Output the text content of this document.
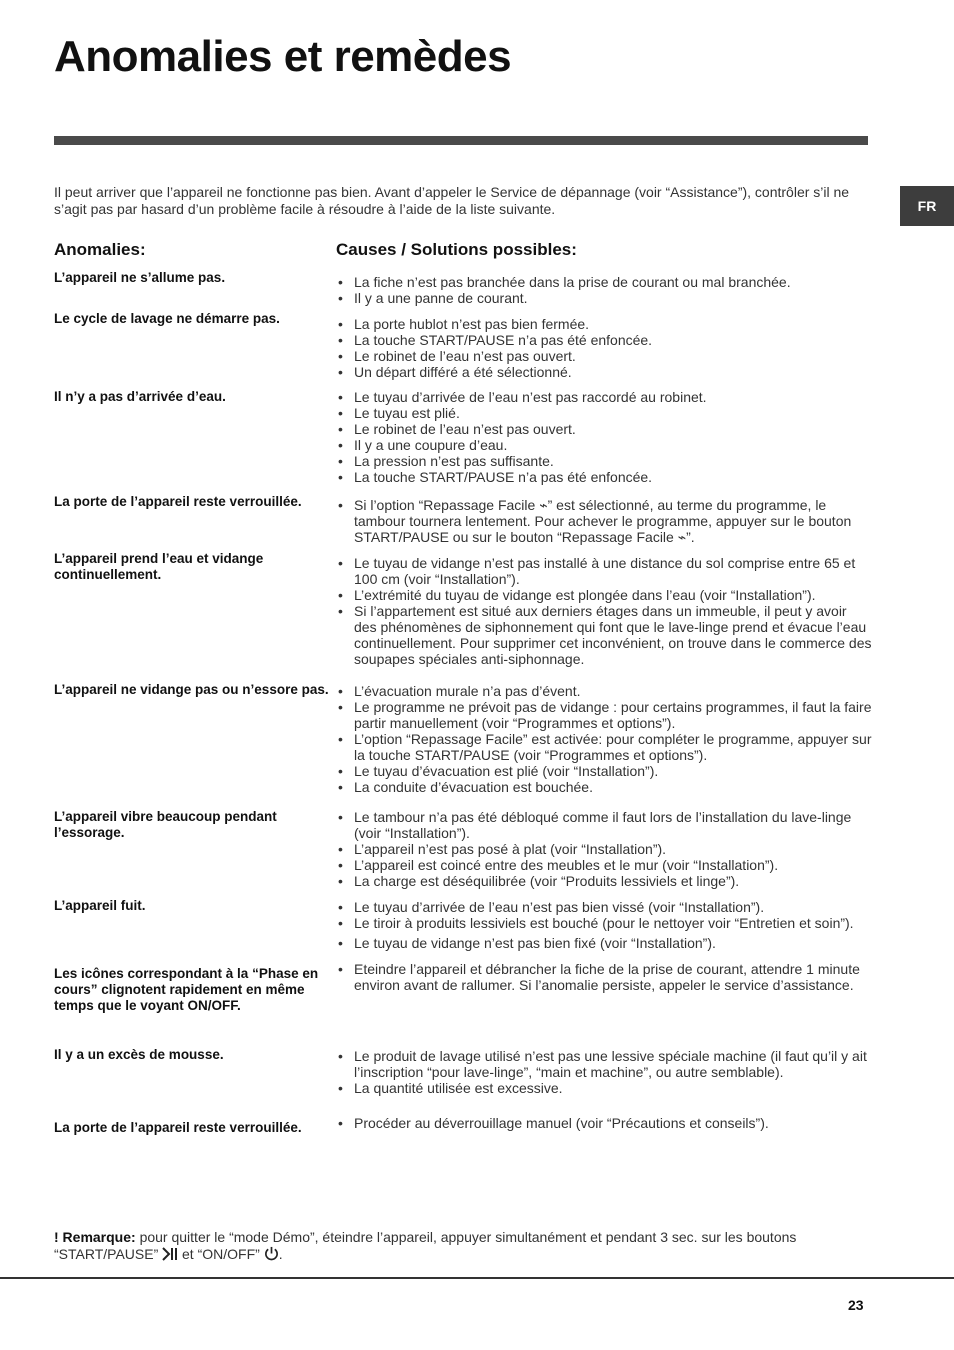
Anomalies et remèdes
FR

Il peut arriver que l’appareil ne fonctionne pas bien. Avant d’appeler le Service de dépannage (voir “Assistance”), contrôler s’il ne s’agit pas par hasard d’un problème facile à résoudre à l’aide de la liste suivante.

Anomalies:	Causes / Solutions possibles:
L’appareil ne s’allume pas.	• La fiche n’est pas branchée dans la prise de courant ou mal branchée.
• Il y a une panne de courant.
Le cycle de lavage ne démarre pas.	• La porte hublot n’est pas bien fermée.
• La touche START/PAUSE n’a pas été enfoncée.
• Le robinet de l’eau n’est pas ouvert.
• Un départ différé a été sélectionné.
Il n’y a pas d’arrivée d’eau.	• Le tuyau d’arrivée de l’eau n’est pas raccordé au robinet.
• Le tuyau est plié.
• Le robinet de l’eau n’est pas ouvert.
• Il y a une coupure d’eau.
• La pression n’est pas suffisante.
• La touche START/PAUSE n’a pas été enfoncée.
La porte de l’appareil reste verrouillée.	• Si l’option “Repassage Facile ⌁” est sélectionné, au terme du programme, le tambour tournera lentement. Pour achever le programme, appuyer sur le bouton START/PAUSE ou sur le bouton “Repassage Facile ⌁”.
L’appareil prend l’eau et vidange continuellement.
• Le tuyau de vidange n’est pas installé à une distance du sol comprise entre 65 et 100 cm (voir “Installation”).
• L’extrémité du tuyau de vidange est plongée dans l’eau (voir “Installation”).
• Si l’appartement est situé aux derniers étages dans un immeuble, il peut y avoir des phénomènes de siphonnement qui font que le lave-linge prend et évacue l’eau continuellement. Pour supprimer cet inconvénient, on trouve dans le commerce des soupapes spéciales anti-siphonnage.
L’appareil ne vidange pas ou n’essore pas.	• L’évacuation murale n’a pas d’évent.
• Le programme ne prévoit pas de vidange : pour certains programmes, il faut la faire partir manuellement (voir “Programmes et options”).
• L’option “Repassage Facile” est activée: pour compléter le programme, appuyer sur la touche START/PAUSE (voir “Programmes et options”).
• Le tuyau d’évacuation est plié (voir “Installation”).
• La conduite d’évacuation est bouchée.
L’appareil vibre beaucoup pendant l’essorage.
• Le tambour n’a pas été débloqué comme il faut lors de l’installation du lave-linge (voir “Installation”).
• L’appareil n’est pas posé à plat (voir “Installation”).
• L’appareil est coincé entre des meubles et le mur (voir “Installation”).
• La charge est déséquilibrée (voir “Produits lessiviels et linge”).
L’appareil fuit.	• Le tuyau d’arrivée de l’eau n’est pas bien vissé (voir “Installation”).
• Le tiroir à produits lessiviels est bouché (pour le nettoyer voir “Entretien et soin”).
• Le tuyau de vidange n’est pas bien fixé (voir “Installation”).
Les icônes correspondant à la “Phase en cours” clignotent rapidement en même temps que le voyant ON/OFF.
• Eteindre l’appareil et débrancher la fiche de la prise de courant, attendre 1 minute environ avant de rallumer. Si l’anomalie persiste, appeler le service d’assistance.
Il y a un excès de mousse.	• Le produit de lavage utilisé n’est pas une lessive spéciale machine (il faut qu’il y ait l’inscription “pour lave-linge”, “main et machine”, ou autre semblable).
• La quantité utilisée est excessive.
La porte de l’appareil reste verrouillée.	• Procéder au déverrouillage manuel (voir “Précautions et conseils”).
! Remarque: pour quitter le “mode Démo”, éteindre l’appareil, appuyer simultanément et pendant 3 sec. sur les boutons “START/PAUSE”  et “ON/OFF” .
23
